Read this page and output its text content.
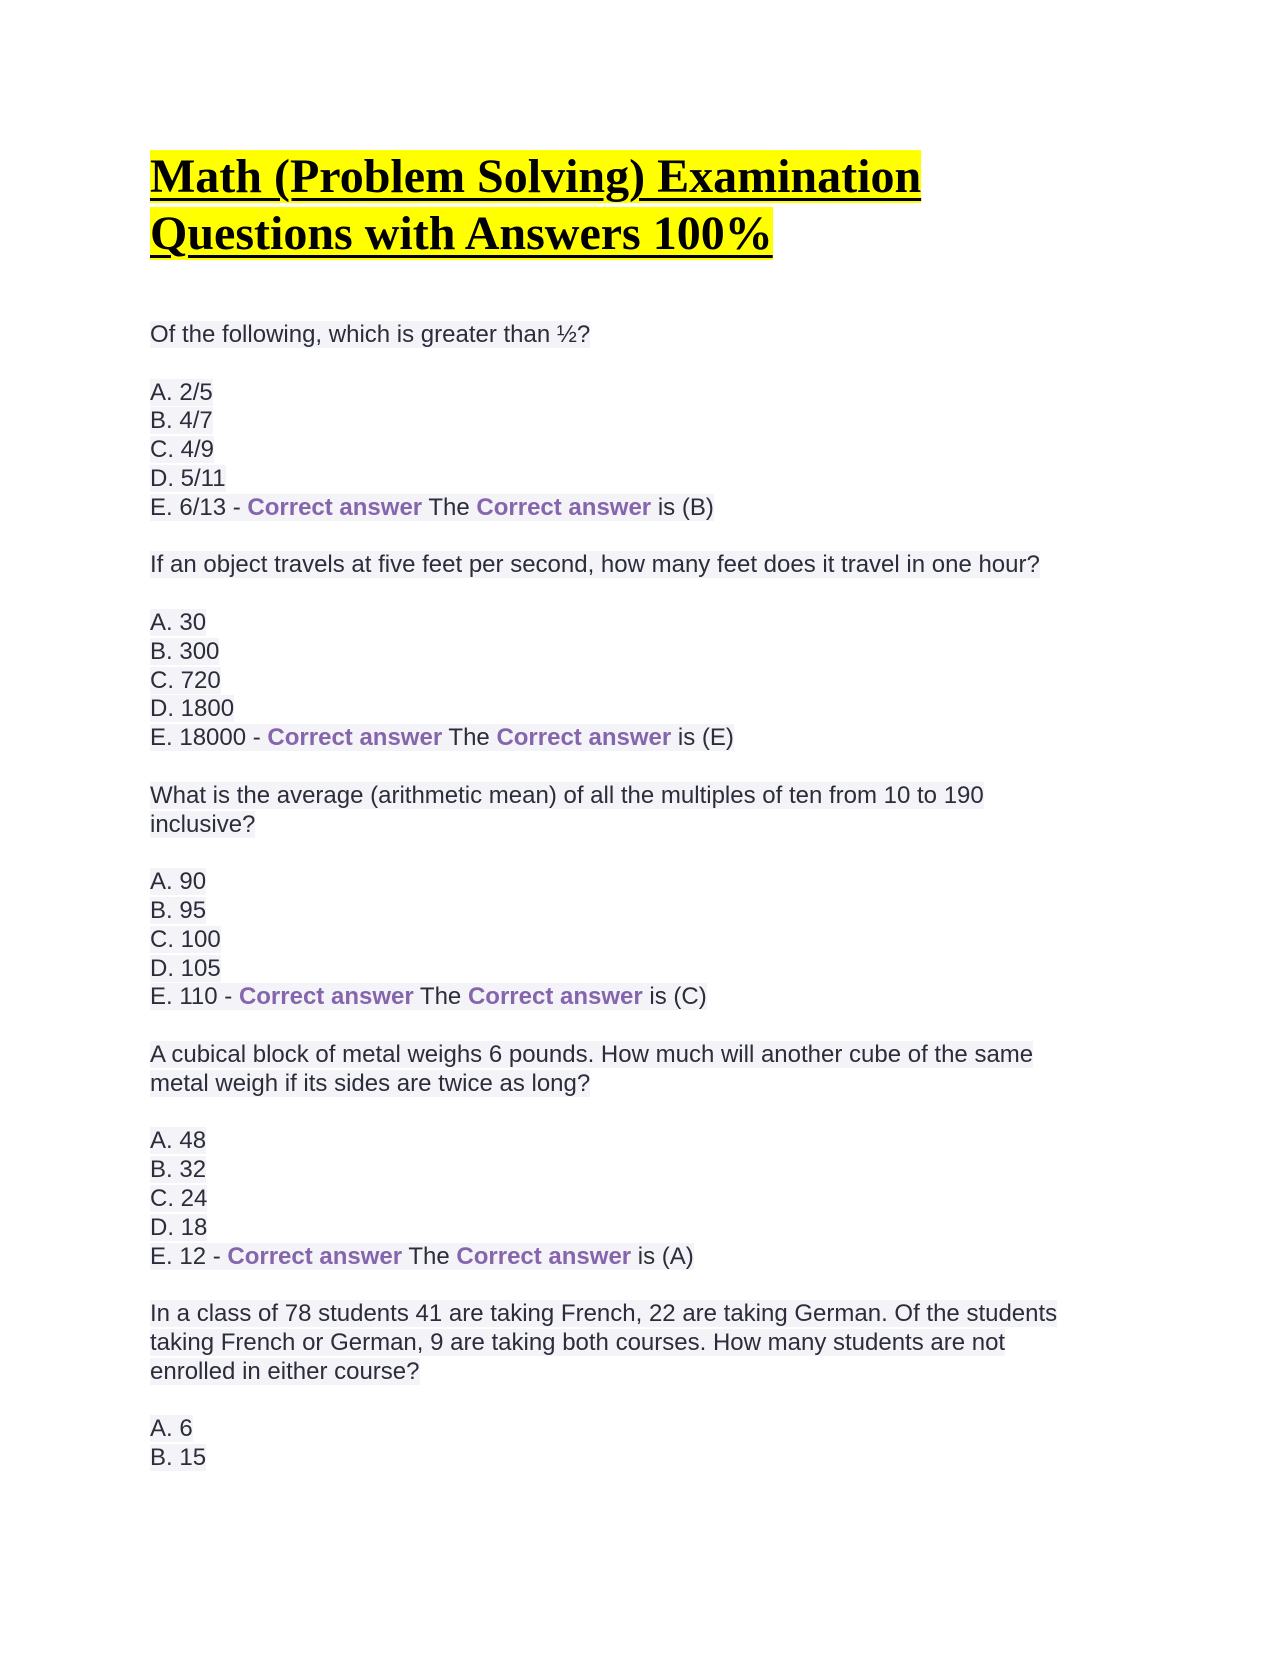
Math (Problem Solving) Examination
Questions with Answers 100%
Of the following, which is greater than ½?
A. 2/5
B. 4/7
C. 4/9
D. 5/11
E. 6/13 - Correct answer The Correct answer is (B)
If an object travels at five feet per second, how many feet does it travel in one hour?
A. 30
B. 300
C. 720
D. 1800
E. 18000 - Correct answer The Correct answer is (E)
What is the average (arithmetic mean) of all the multiples of ten from 10 to 190
inclusive?
A. 90
B. 95
C. 100
D. 105
E. 110 - Correct answer The Correct answer is (C)
A cubical block of metal weighs 6 pounds. How much will another cube of the same
metal weigh if its sides are twice as long?
A. 48
B. 32
C. 24
D. 18
E. 12 - Correct answer The Correct answer is (A)
In a class of 78 students 41 are taking French, 22 are taking German. Of the students
taking French or German, 9 are taking both courses. How many students are not
enrolled in either course?
A. 6
B. 15
